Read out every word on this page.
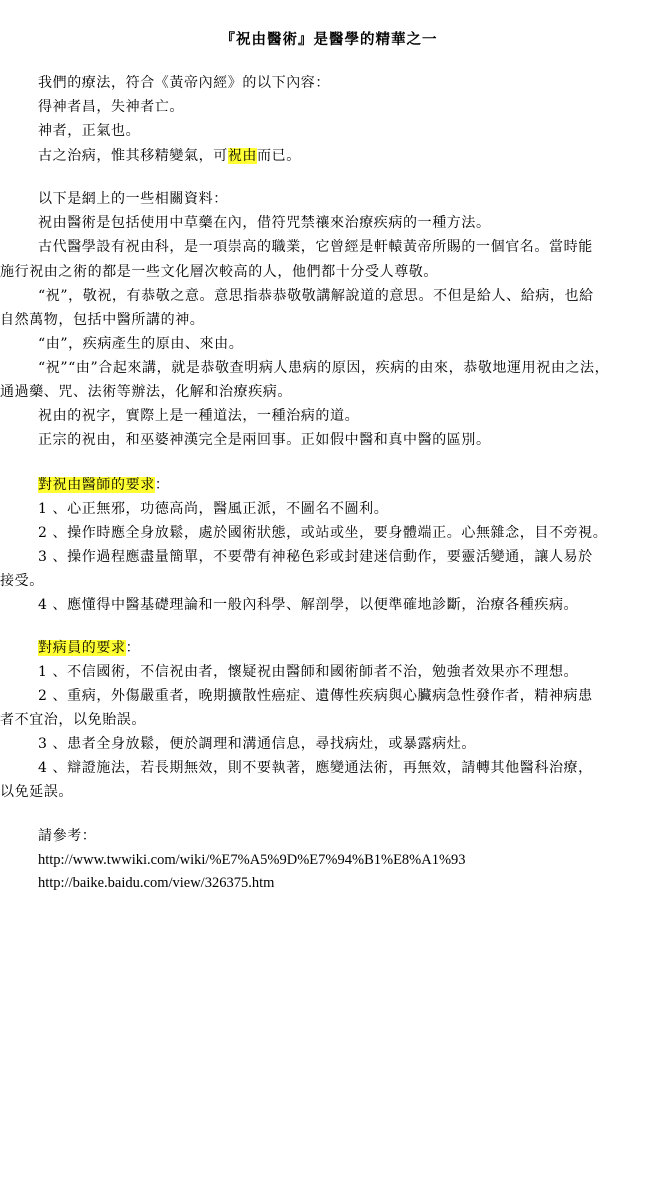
『祝由醫術』是醫學的精華之一
我們的療法，符合《黃帝內經》的以下內容：
得神者昌，失神者亡。
神者，正氣也。
古之治病，惟其移精變氣，可祝由而已。
以下是網上的一些相關資料：
祝由醫術是包括使用中草藥在內，借符咒禁禳來治療疾病的一種方法。
古代醫學設有祝由科，是一項崇高的職業，它曾經是軒轅黃帝所賜的一個官名。當時能
施行祝由之術的都是一些文化層次較高的人，他們都十分受人尊敬。
“祝”，敬祝，有恭敬之意。意思指恭恭敬敬講解說道的意思。不但是給人、給病，也給
自然萬物，包括中醫所講的神。
“由”，疾病產生的原由、來由。
“祝”“由”合起來講，就是恭敬查明病人患病的原因，疾病的由來，恭敬地運用祝由之法，
通過藥、咒、法術等辦法，化解和治療疾病。
祝由的祝字，實際上是一種道法，一種治病的道。
正宗的祝由，和巫婆神漢完全是兩回事。正如假中醫和真中醫的區別。
對祝由醫師的要求：
1 、心正無邪，功德高尚，醫風正派，不圖名不圖利。
2 、操作時應全身放鬆，處於國術狀態，或站或坐，要身體端正。心無雜念，目不旁視。
3 、操作過程應盡量簡單，不要帶有神秘色彩或封建迷信動作，要靈活變通，讓人易於
接受。
4 、應懂得中醫基礎理論和一般內科學、解剖學，以便準確地診斷，治療各種疾病。
對病員的要求：
1 、不信國術，不信祝由者，懷疑祝由醫師和國術師者不治，勉強者效果亦不理想。
2 、重病，外傷嚴重者，晚期擴散性癌症、遺傳性疾病與心臟病急性發作者，精神病患
者不宜治，以免貽誤。
3 、患者全身放鬆，便於調理和溝通信息，尋找病灶，或暴露病灶。
4 、辯證施法，若長期無效，則不要執著，應變通法術，再無效，請轉其他醫科治療，
以免延誤。
請參考：
http://www.twwiki.com/wiki/%E7%A5%9D%E7%94%B1%E8%A1%93
http://baike.baidu.com/view/326375.htm
